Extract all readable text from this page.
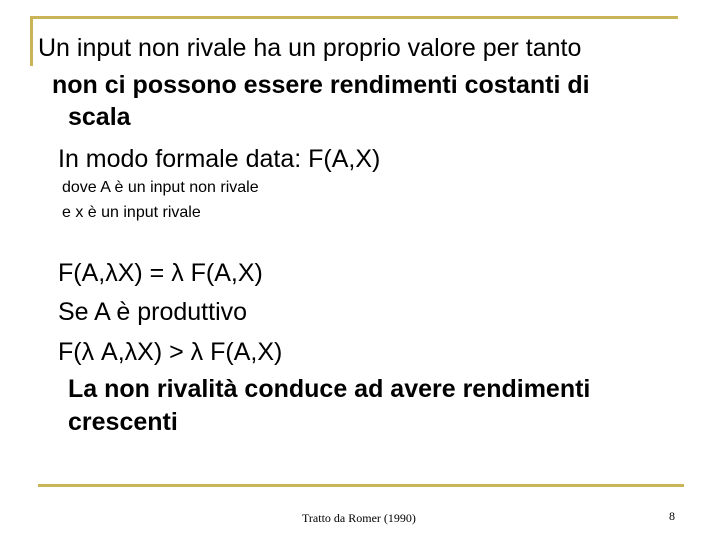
Un input non rivale ha un proprio valore per tanto
non ci possono essere rendimenti costanti di
scala
In modo formale data: F(A,X)
dove A è un input non rivale
e x è un input rivale
F(A,λX) = λ F(A,X)
Se A è produttivo
F(λ A,λX) > λ F(A,X)
La non rivalità conduce ad avere rendimenti
crescenti
Tratto da Romer (1990)	8
